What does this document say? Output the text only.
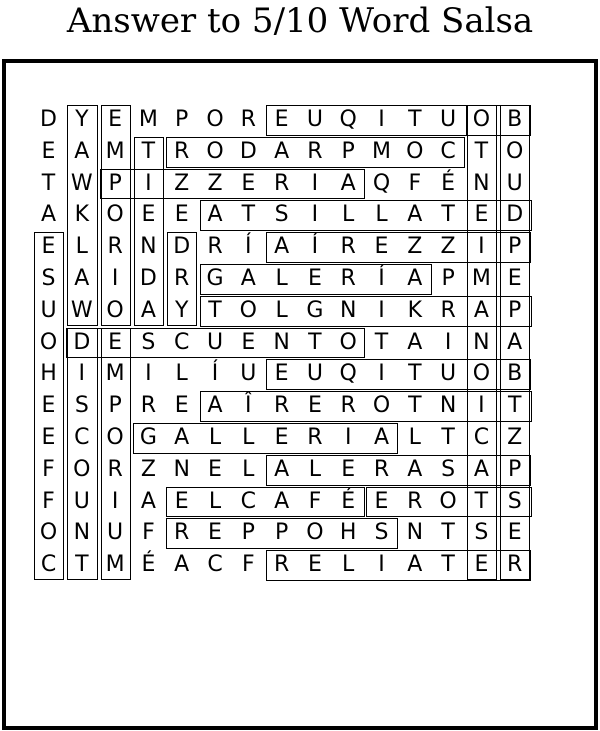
Answer to 5/10 Word Salsa
D Y E M P O R E U Q I	T U O B
E A M T R O D A R P M O C T O
T W P	I	Z Z E R	I	A Q F É N U
A K O E E A T S	I	L L A T E D
E L R N D R	Í	A	Í	R E Z Z	I	P
S A	I D R G A L E R	Í	A P M E
U W O A Y T O L G N I	K R A P
O D E S C U E N T O T A	I N A
H I M I	L	Í U E U Q I	T U O B
E S P R E A	Î	R E R O T N I	T
E C O G A L L E R	I	A L T C Z
F O R Z N E L A L E R A S A P
F U	I	A E L C A F É E R O T S
O N U F R E P P O H S N T S E
C T M É A C F R E L	I	A T E R
